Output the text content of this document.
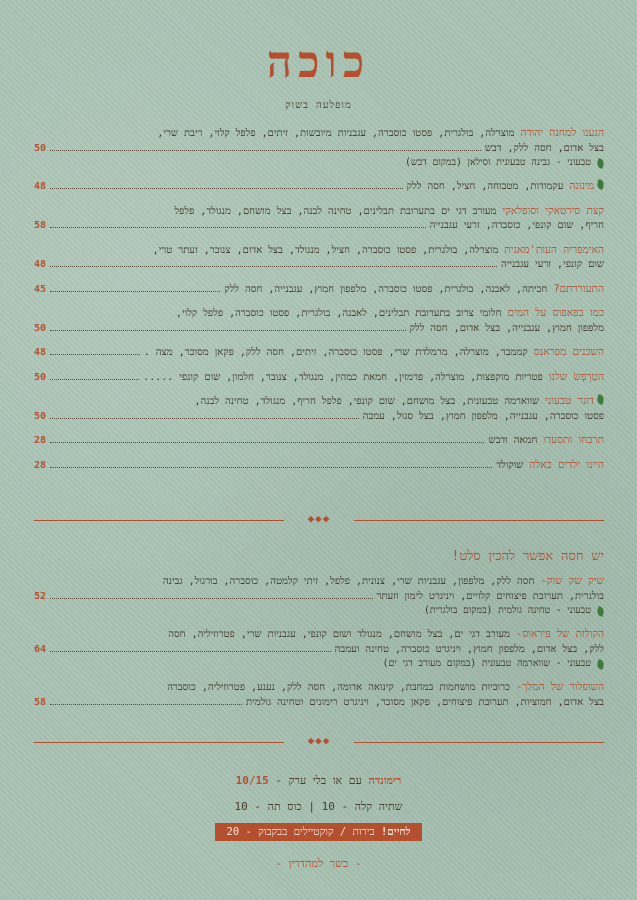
כוכה
מופלעה בשוק
הגענו למחנה יהודה מוצרלה, בולגרית, פסטו כוסברה, עגבניות מיובשות, זיתים, פלפל קלוי, ריבת שרי,
בצל אדום, חסה ללק, דבש
50
טבעוני - גבינה טבעונית וסילאן (במקום דבש)
מינוגה עקמודות, מטבוחה, חציל, חסה ללק
48
קצת סירטאקי וסופלאקי מעורב דגי ים בתערובת תבלינים, טחינה לבנה, בצל מושחם, מנגולד, פלפל
חריף, שום קונפי, כוסברה, זרעי עגבנייה
58
האימפריה העות'מאנית מוצרלה, בולגרית, פסטו כוסברה, חציל, מנגולד, בצל אדום, צנובר, זעתר טרי,
שום קונפי, זרעי עגבנייה
48
התעוררתם? חביתה, לאבנה, בולגרית, פסטו כוסברה, מלפפון חמוץ, עגבנייה, חסה ללק
45
כמו בפאפוס על המים חלומי צרוב בתערובת תבלינים, לאבנה, בולגרית, פסטו כוסברה, פלפל קלוי,
מלפפון חמוץ, עגבנייה, בצל אדום, חסה ללק
50
השכנים מפראנס קממבר, מוצרלה, מרמלדת שרי, פסטו כוסברה, זיתים, חסה ללק, פקאן מסוכר, מצה .
48
הטַרְפְשׂ שלנו פטריות מוקפצות, מוצרלה, פרמזין, חמאת כמהין, מנגולד, צנובר, חלמון, שום קונפי .....
50
דונר טבעוני שווארמה טבעונית, בצל מושחם, שום קונפי, פלפל חריף, מנגולד, טחינה לבנה,
פסטו כוסברה, עגבנייה, מלפפון חמוץ, בצל סגול, עמבה
50
תרבחו ותסעדו חמאה ודבש
28
היינו ילדים כאלה שוקולד
28
◆◆◆
יש חסה אפשר להכין סלט!
שיק שק שוק- חסה ללק, מלפפון, עגבניות שרי, צנונית, פלפל, זיתי קלמטה, כוסברה, בורגול, גבינה
בולגרית, תערובת פיצוחים קלויים, ויניגרט לימון וזעתר
52
טבעוני - טחינה גולמית (במקום בולגרית)
הקולות של פיראוס- מעורב דגי ים, בצל מושחם, מנגולד ושום קונפי, עגבניות שרי, פטרוזיליה, חסה
ללק, בצל אדום, מלפפון חמוץ, ויניגרט כוסברה, טחינה ועמבה
64
טבעוני - שווארמה טבעונית (במקום מעורב דגי ים)
השופלור של המלך- כרוביות מושחמות במחבת, קינואה אדומה, חסה ללק, נענע, פטרוזיליה, כוסברה
בצל אדום, חמוציות, תערובת פיצוחים, פקאן מסוכר, ויניגרט רימונים וטחינה גולמית
58
◆◆◆
רימונדה עם או בלי ערק - 10/15
שתיה קלה - 10 | כוס תה - 10
לחיים! בירות / קוקטיילים בבקבוק - 20
- כשר למהדרין -
